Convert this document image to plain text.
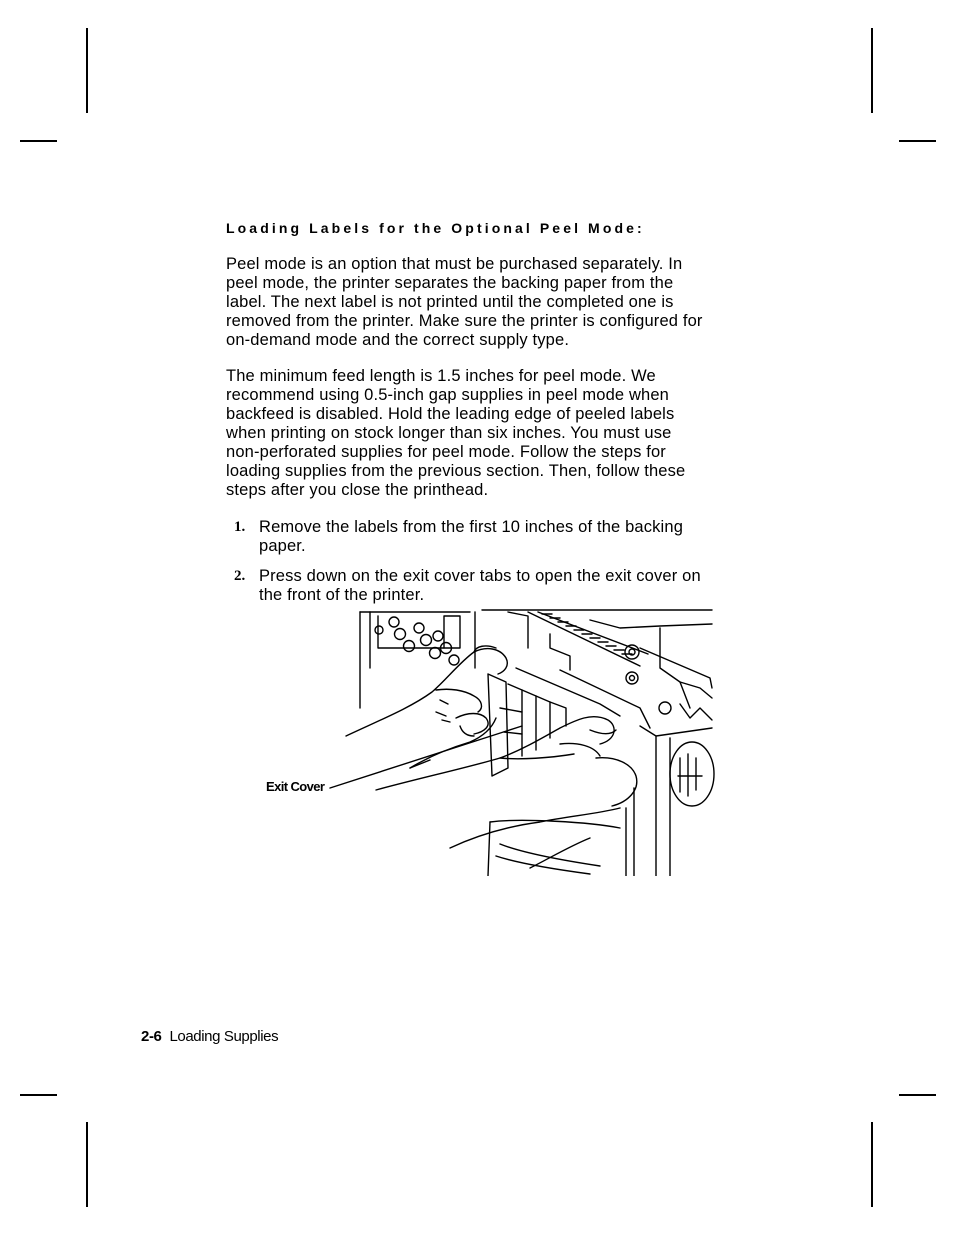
Loading Labels for the Optional Peel Mode:

Peel mode is an option that must be purchased separately. In
peel mode, the printer separates the backing paper from the
label. The next label is not printed until the completed one is
removed from the printer. Make sure the printer is configured for
on-demand mode and the correct supply type.

The minimum feed length is 1.5 inches for peel mode. We
recommend using 0.5-inch gap supplies in peel mode when
backfeed is disabled. Hold the leading edge of peeled labels
when printing on stock longer than six inches. You must use
non-perforated supplies for peel mode. Follow the steps for
loading supplies from the previous section. Then, follow these
steps after you close the printhead.

1. Remove the labels from the first 10 inches of the backing
paper.
2. Press down on the exit cover tabs to open the exit cover on
the front of the printer.
Exit Cover
2-6 Loading Supplies
